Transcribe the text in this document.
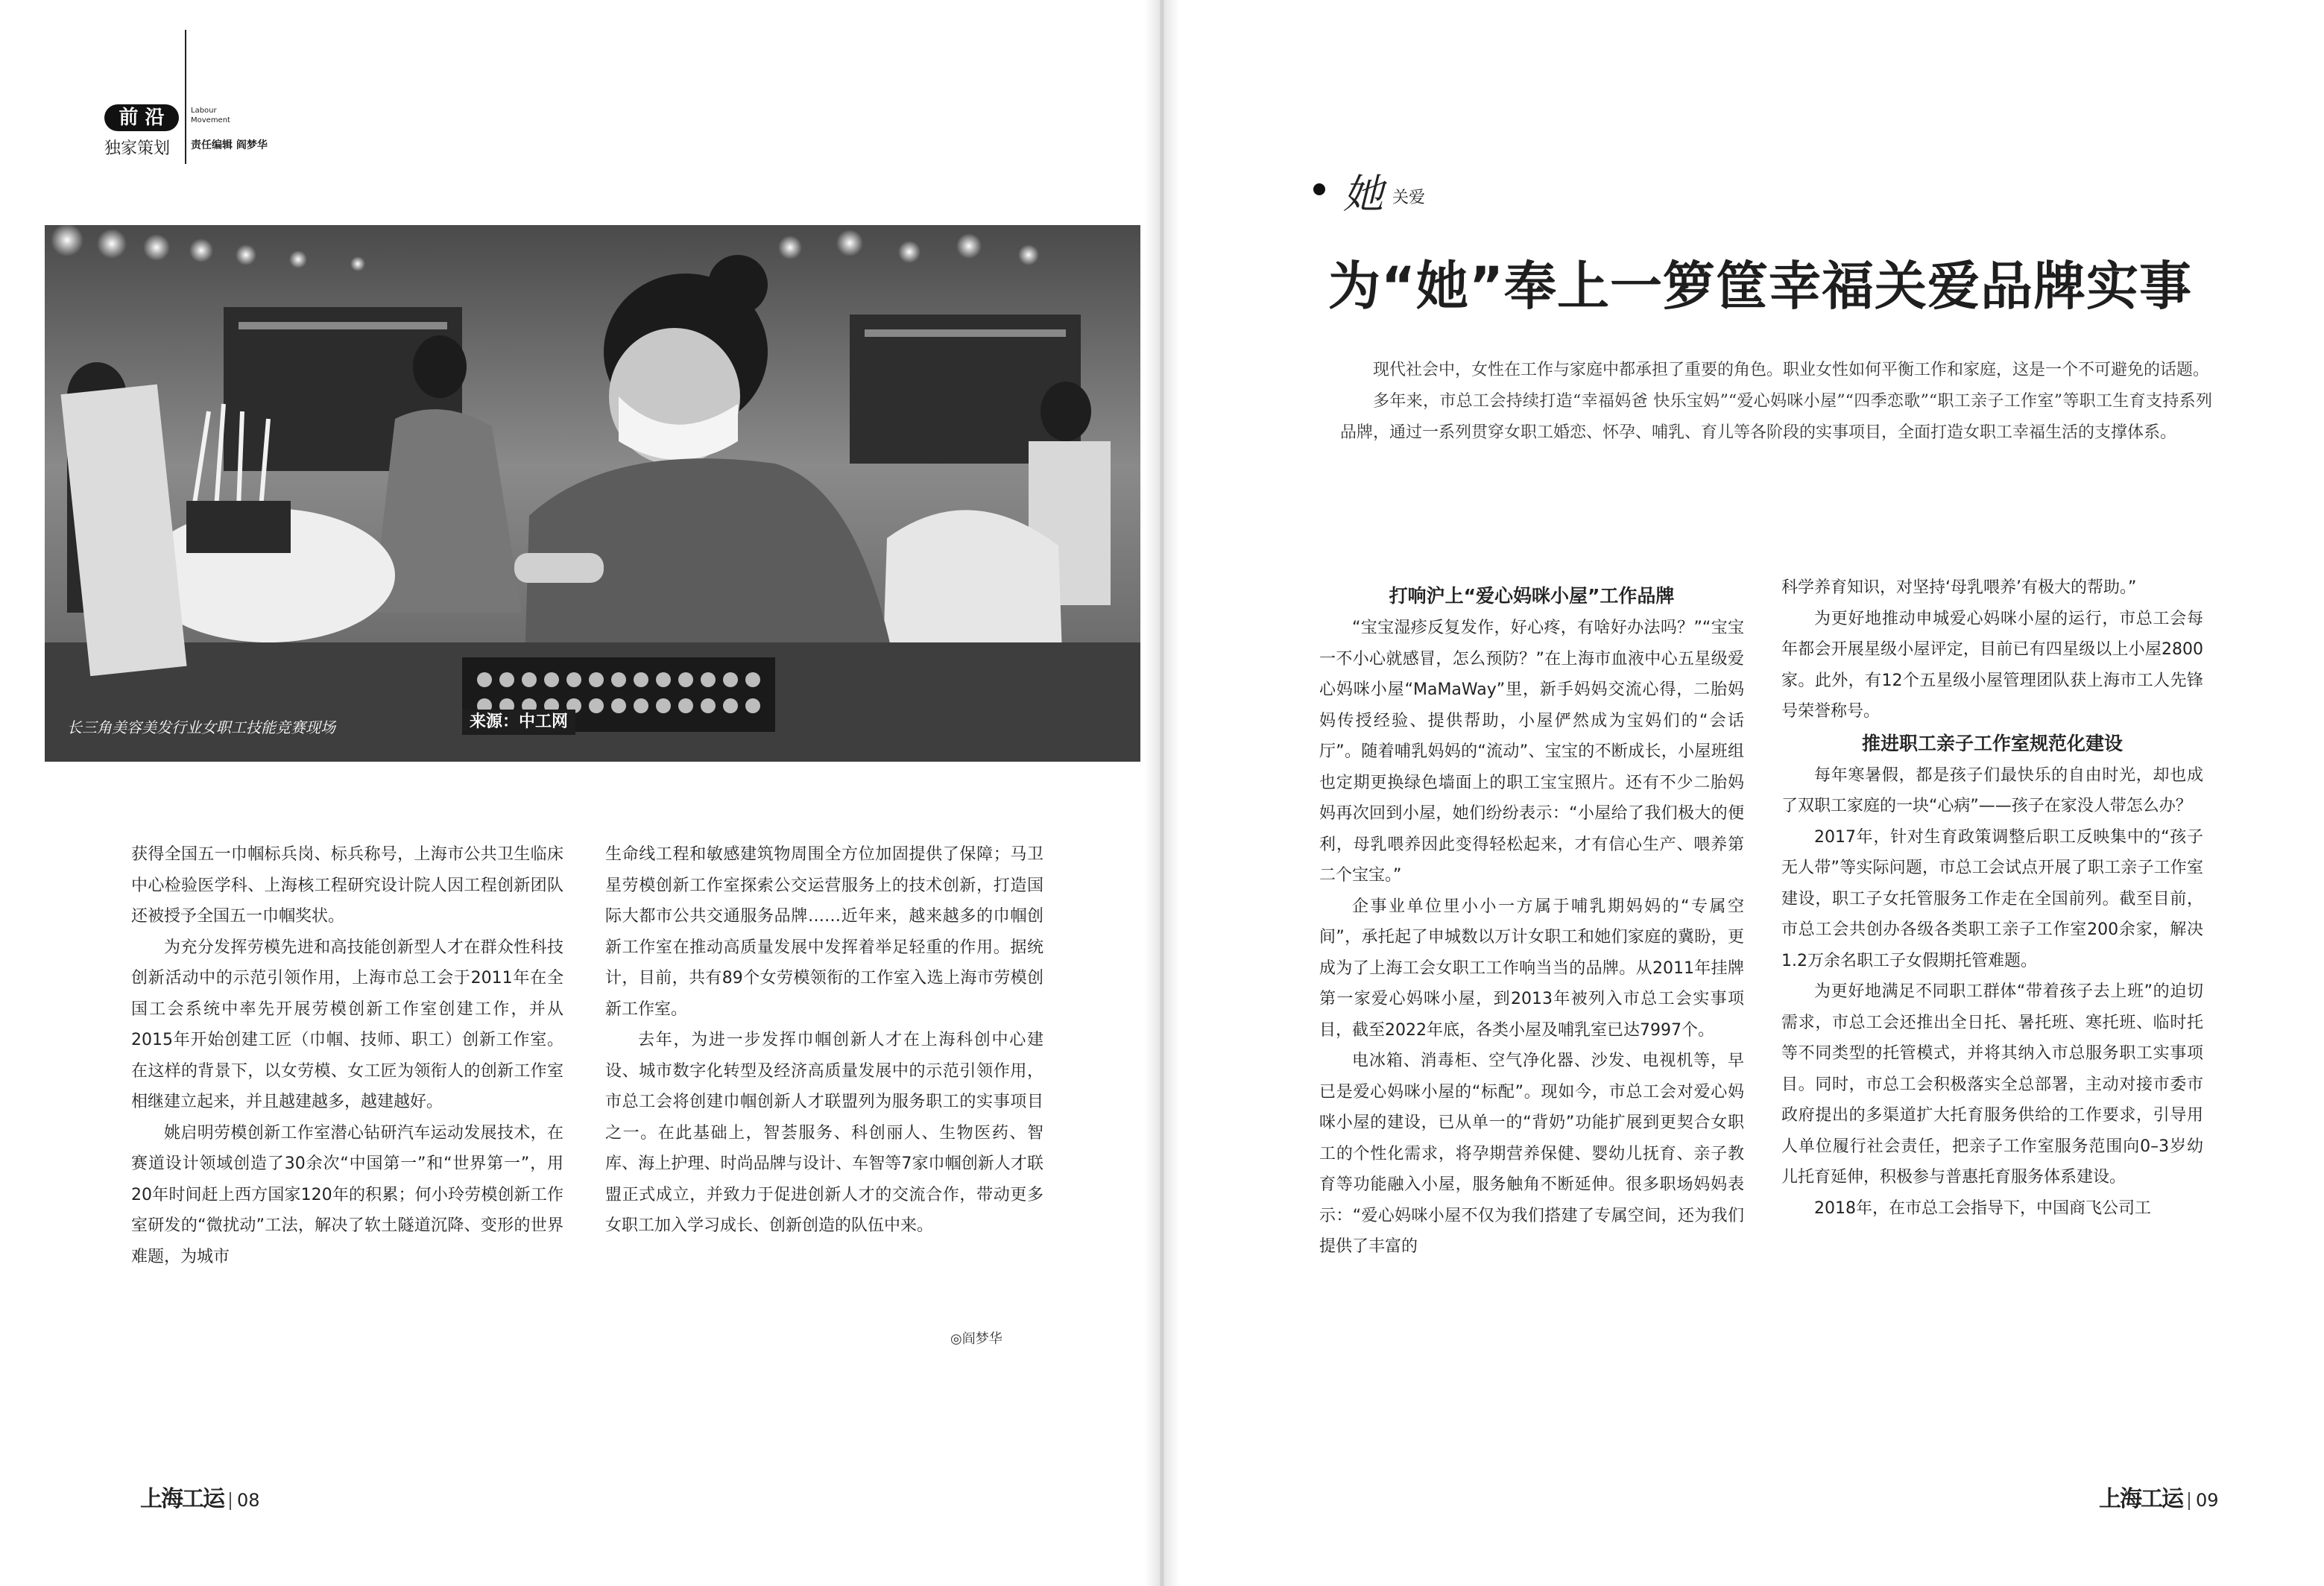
前 沿
独家策划
Labour Movement
责任编辑 阎梦华
长三角美容美发行业女职工技能竞赛现场	来源：中工网

获得全国五一巾帼标兵岗、标兵称号，上海市公共卫生临床中心检验医学科、上海核工程研究设计院人因工程创新团队还被授予全国五一巾帼奖状。

为充分发挥劳模先进和高技能创新型人才在群众性科技创新活动中的示范引领作用，上海市总工会于2011年在全国工会系统中率先开展劳模创新工作室创建工作，并从2015年开始创建工匠（巾帼、技师、职工）创新工作室。在这样的背景下，以女劳模、女工匠为领衔人的创新工作室相继建立起来，并且越建越多，越建越好。

姚启明劳模创新工作室潜心钻研汽车运动发展技术，在赛道设计领域创造了30余次“中国第一”和“世界第一”，用20年时间赶上西方国家120年的积累；何小玲劳模创新工作室研发的“微扰动”工法，解决了软土隧道沉降、变形的世界难题，为城市

生命线工程和敏感建筑物周围全方位加固提供了保障；马卫星劳模创新工作室探索公交运营服务上的技术创新，打造国际大都市公共交通服务品牌……近年来，越来越多的巾帼创新工作室在推动高质量发展中发挥着举足轻重的作用。据统计，目前，共有89个女劳模领衔的工作室入选上海市劳模创新工作室。

去年，为进一步发挥巾帼创新人才在上海科创中心建设、城市数字化转型及经济高质量发展中的示范引领作用，市总工会将创建巾帼创新人才联盟列为服务职工的实事项目之一。在此基础上，智荟服务、科创丽人、生物医药、智库、海上护理、时尚品牌与设计、车智等7家巾帼创新人才联盟正式成立，并致力于促进创新人才的交流合作，带动更多女职工加入学习成长、创新创造的队伍中来。

◎阎梦华
上海工运 08
她 关爱
为“她”奉上一箩筐幸福关爱品牌实事

现代社会中，女性在工作与家庭中都承担了重要的角色。职业女性如何平衡工作和家庭，这是一个不可避免的话题。

多年来，市总工会持续打造“幸福妈爸 快乐宝妈”“爱心妈咪小屋”“四季恋歌”“职工亲子工作室”等职工生育支持系列品牌，通过一系列贯穿女职工婚恋、怀孕、哺乳、育儿等各阶段的实事项目，全面打造女职工幸福生活的支撑体系。

打响沪上“爱心妈咪小屋”工作品牌

“宝宝湿疹反复发作，好心疼，有啥好办法吗？”“宝宝一不小心就感冒，怎么预防？”在上海市血液中心五星级爱心妈咪小屋“MaMaWay”里，新手妈妈交流心得，二胎妈妈传授经验、提供帮助，小屋俨然成为宝妈们的“会话厅”。随着哺乳妈妈的“流动”、宝宝的不断成长，小屋班组也定期更换绿色墙面上的职工宝宝照片。还有不少二胎妈妈再次回到小屋，她们纷纷表示：“小屋给了我们极大的便利，母乳喂养因此变得轻松起来，才有信心生产、喂养第二个宝宝。”

企事业单位里小小一方属于哺乳期妈妈的“专属空间”，承托起了申城数以万计女职工和她们家庭的冀盼，更成为了上海工会女职工工作响当当的品牌。从2011年挂牌第一家爱心妈咪小屋，到2013年被列入市总工会实事项目，截至2022年底，各类小屋及哺乳室已达7997个。

电冰箱、消毒柜、空气净化器、沙发、电视机等，早已是爱心妈咪小屋的“标配”。现如今，市总工会对爱心妈咪小屋的建设，已从单一的“背奶”功能扩展到更契合女职工的个性化需求，将孕期营养保健、婴幼儿抚育、亲子教育等功能融入小屋，服务触角不断延伸。很多职场妈妈表示：“爱心妈咪小屋不仅为我们搭建了专属空间，还为我们提供了丰富的

科学养育知识，对坚持‘母乳喂养’有极大的帮助。”

为更好地推动申城爱心妈咪小屋的运行，市总工会每年都会开展星级小屋评定，目前已有四星级以上小屋2800家。此外，有12个五星级小屋管理团队获上海市工人先锋号荣誉称号。

推进职工亲子工作室规范化建设

每年寒暑假，都是孩子们最快乐的自由时光，却也成了双职工家庭的一块“心病”——孩子在家没人带怎么办？

2017年，针对生育政策调整后职工反映集中的“孩子无人带”等实际问题，市总工会试点开展了职工亲子工作室建设，职工子女托管服务工作走在全国前列。截至目前，市总工会共创办各级各类职工亲子工作室200余家，解决1.2万余名职工子女假期托管难题。

为更好地满足不同职工群体“带着孩子去上班”的迫切需求，市总工会还推出全日托、暑托班、寒托班、临时托等不同类型的托管模式，并将其纳入市总服务职工实事项目。同时，市总工会积极落实全总部署，主动对接市委市政府提出的多渠道扩大托育服务供给的工作要求，引导用人单位履行社会责任，把亲子工作室服务范围向0–3岁幼儿托育延伸，积极参与普惠托育服务体系建设。

2018年，在市总工会指导下，中国商飞公司工

上海工运 09
